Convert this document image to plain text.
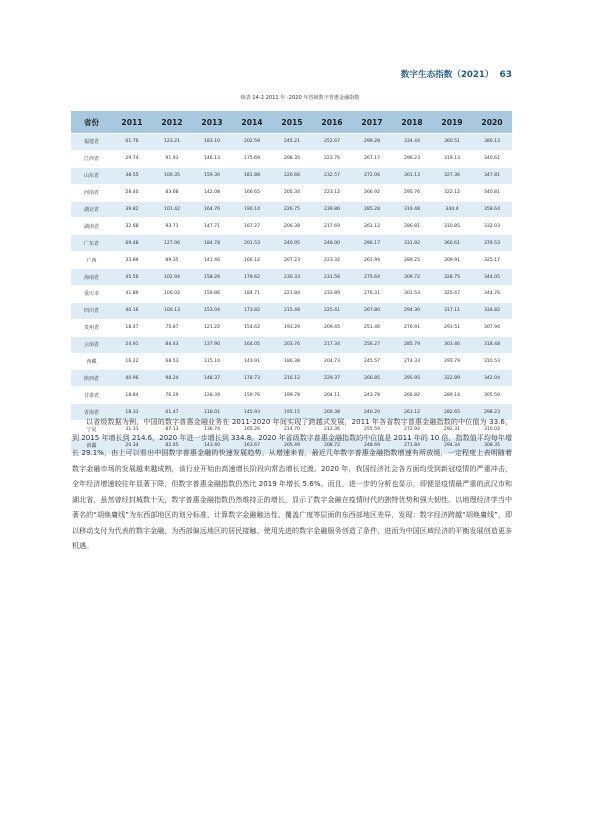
数字生态指数（2021） 63
续表 14-2 2011 年 -2020 年省级数字普惠金融指数
省份	2011	2012	2013	2014	2015	2016	2017	2018	2019	2020
福建省	61.76	123.21	183.10	202.59	245.21	252.67	299.28	334.44	360.51	380.13
江西省	29.74	91.93	146.13	175.69	208.35	223.76	267.17	296.23	319.13	340.61
山东省	38.55	100.35	159.30	181.88	220.66	232.57	272.06	301.13	327.36	347.81
河南省	28.40	83.68	142.08	166.65	205.34	223.12	266.92	295.76	322.12	340.81
湖北省	39.82	101.42	164.76	190.14	226.75	239.86	285.28	319.48	344.4	358.64
湖南省	32.68	93.71	147.71	167.27	206.38	217.69	261.12	286.81	310.85	332.03
广东省	69.48	127.06	184.78	201.53	240.95	248.00	296.17	331.92	360.61	379.53
广西	33.89	89.35	141.46	166.12	207.23	223.32	261.94	289.25	309.91	325.17
海南省	45.56	102.94	158.26	179.62	230.33	231.56	275.64	309.72	328.75	344.05
重庆市	41.89	100.02	159.86	184.71	221.84	233.89	276.31	301.53	325.47	344.76
四川省	40.16	100.13	153.04	173.82	215.48	225.41	267.80	294.30	317.11	334.82
贵州省	18.47	75.87	121.22	154.62	193.29	209.45	251.46	276.91	293.51	307.94
云南省	24.91	84.43	137.90	164.05	203.76	217.34	256.27	285.79	303.46	318.48
西藏	16.22	68.53	115.10	143.91	186.38	204.73	245.57	274.33	293.79	310.53
陕西省	40.96	98.24	148.37	178.73	216.12	229.37	266.85	295.95	322.89	342.04
甘肃省	18.84	76.29	128.39	159.76	199.78	204.11	243.78	266.82	289.14	305.50
青海省	18.33	61.47	118.01	145.93	195.15	200.38	240.20	263.12	282.65	298.23
宁夏	31.31	87.13	136.74	165.26	214.70	212.36	255.59	272.92	292.31	310.02
新疆	20.34	82.45	143.40	163.67	205.49	208.72	248.69	271.84	294.34	308.35

以省级数据为例，中国的数字普惠金融业务在 2011-2020 年间实现了跨越式发展，2011 年各省数字普惠金融指数的中位值为 33.6，到 2015 年增长到 214.6，2020 年进一步增长到 334.8。2020 年省级数字普惠金融指数的中位值是 2011 年的 10 倍，指数值平均每年增长 29.1%，由上可以看出中国数字普惠金融的快速发展趋势。从增速来看，最近几年数字普惠金融指数增速有所放缓，一定程度上表明随着数字金融市场的发展越来越成熟，该行业开始由高速增长阶段向常态增长过渡。2020 年，我国经济社会各方面均受到新冠疫情的严重冲击，全年经济增速较往年显著下降，但数字普惠金融指数仍然比 2019 年增长 5.6%。而且，进一步的分析也显示，即便是疫情最严重的武汉市和湖北省，虽然曾经封城数十天，数字普惠金融指数仍然维持正的增长，显示了数字金融在疫情时代的独特优势和强大韧性。以地理经济学当中著名的“胡焕庸线”为东西部地区的划分标准，计算数字金融触达性、覆盖广度等层面的东西部地区差异，发现：数字经济跨越“胡焕庸线”，即以移动支付为代表的数字金融，为西部偏远地区的居民接触、使用先进的数字金融服务创造了条件，进而为中国区域经济的平衡发展创造更多机遇。
